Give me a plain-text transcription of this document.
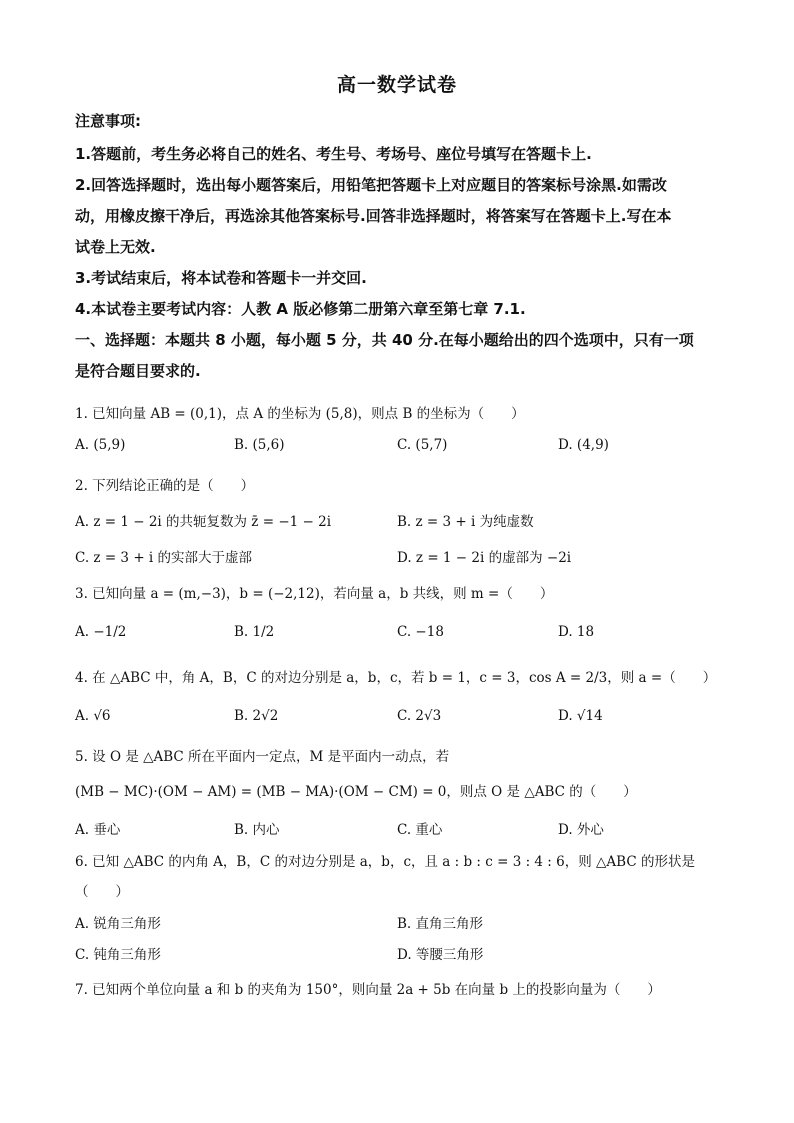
高一数学试卷
注意事项:
1.答题前，考生务必将自己的姓名、考生号、考场号、座位号填写在答题卡上.
2.回答选择题时，选出每小题答案后，用铅笔把答题卡上对应题目的答案标号涂黑.如需改
动，用橡皮擦干净后，再选涂其他答案标号.回答非选择题时，将答案写在答题卡上.写在本
试卷上无效.
3.考试结束后，将本试卷和答题卡一并交回.
4.本试卷主要考试内容：人教 A 版必修第二册第六章至第七章 7.1.
一、选择题：本题共 8 小题，每小题 5 分，共 40 分.在每小题给出的四个选项中，只有一项
是符合题目要求的.
1. 已知向量 AB = (0,1)，点 A 的坐标为 (5,8)，则点 B 的坐标为（　　）
A. (5,9)	B. (5,6)	C. (5,7)	D. (4,9)
2. 下列结论正确的是（　　）
A. z = 1 − 2i 的共轭复数为 z̄ = −1 − 2i	B. z = 3 + i 为纯虚数
C. z = 3 + i 的实部大于虚部	D. z = 1 − 2i 的虚部为 −2i
3. 已知向量 a = (m,−3)，b = (−2,12)，若向量 a，b 共线，则 m =（　　）
A. −1/2	B. 1/2	C. −18	D. 18
4. 在 △ABC 中，角 A，B，C 的对边分别是 a，b，c，若 b = 1，c = 3，cos A = 2/3，则 a =（　　）
A. √6	B. 2√2	C. 2√3	D. √14
5. 设 O 是 △ABC 所在平面内一定点，M 是平面内一动点，若
(MB − MC)·(OM − AM) = (MB − MA)·(OM − CM) = 0，则点 O 是 △ABC 的（　　）
A. 垂心	B. 内心	C. 重心	D. 外心
6. 已知 △ABC 的内角 A，B，C 的对边分别是 a，b，c，且 a : b : c = 3 : 4 : 6，则 △ABC 的形状是
（　　）
A. 锐角三角形	B. 直角三角形
C. 钝角三角形	D. 等腰三角形
7. 已知两个单位向量 a 和 b 的夹角为 150°，则向量 2a + 5b 在向量 b 上的投影向量为（　　）
